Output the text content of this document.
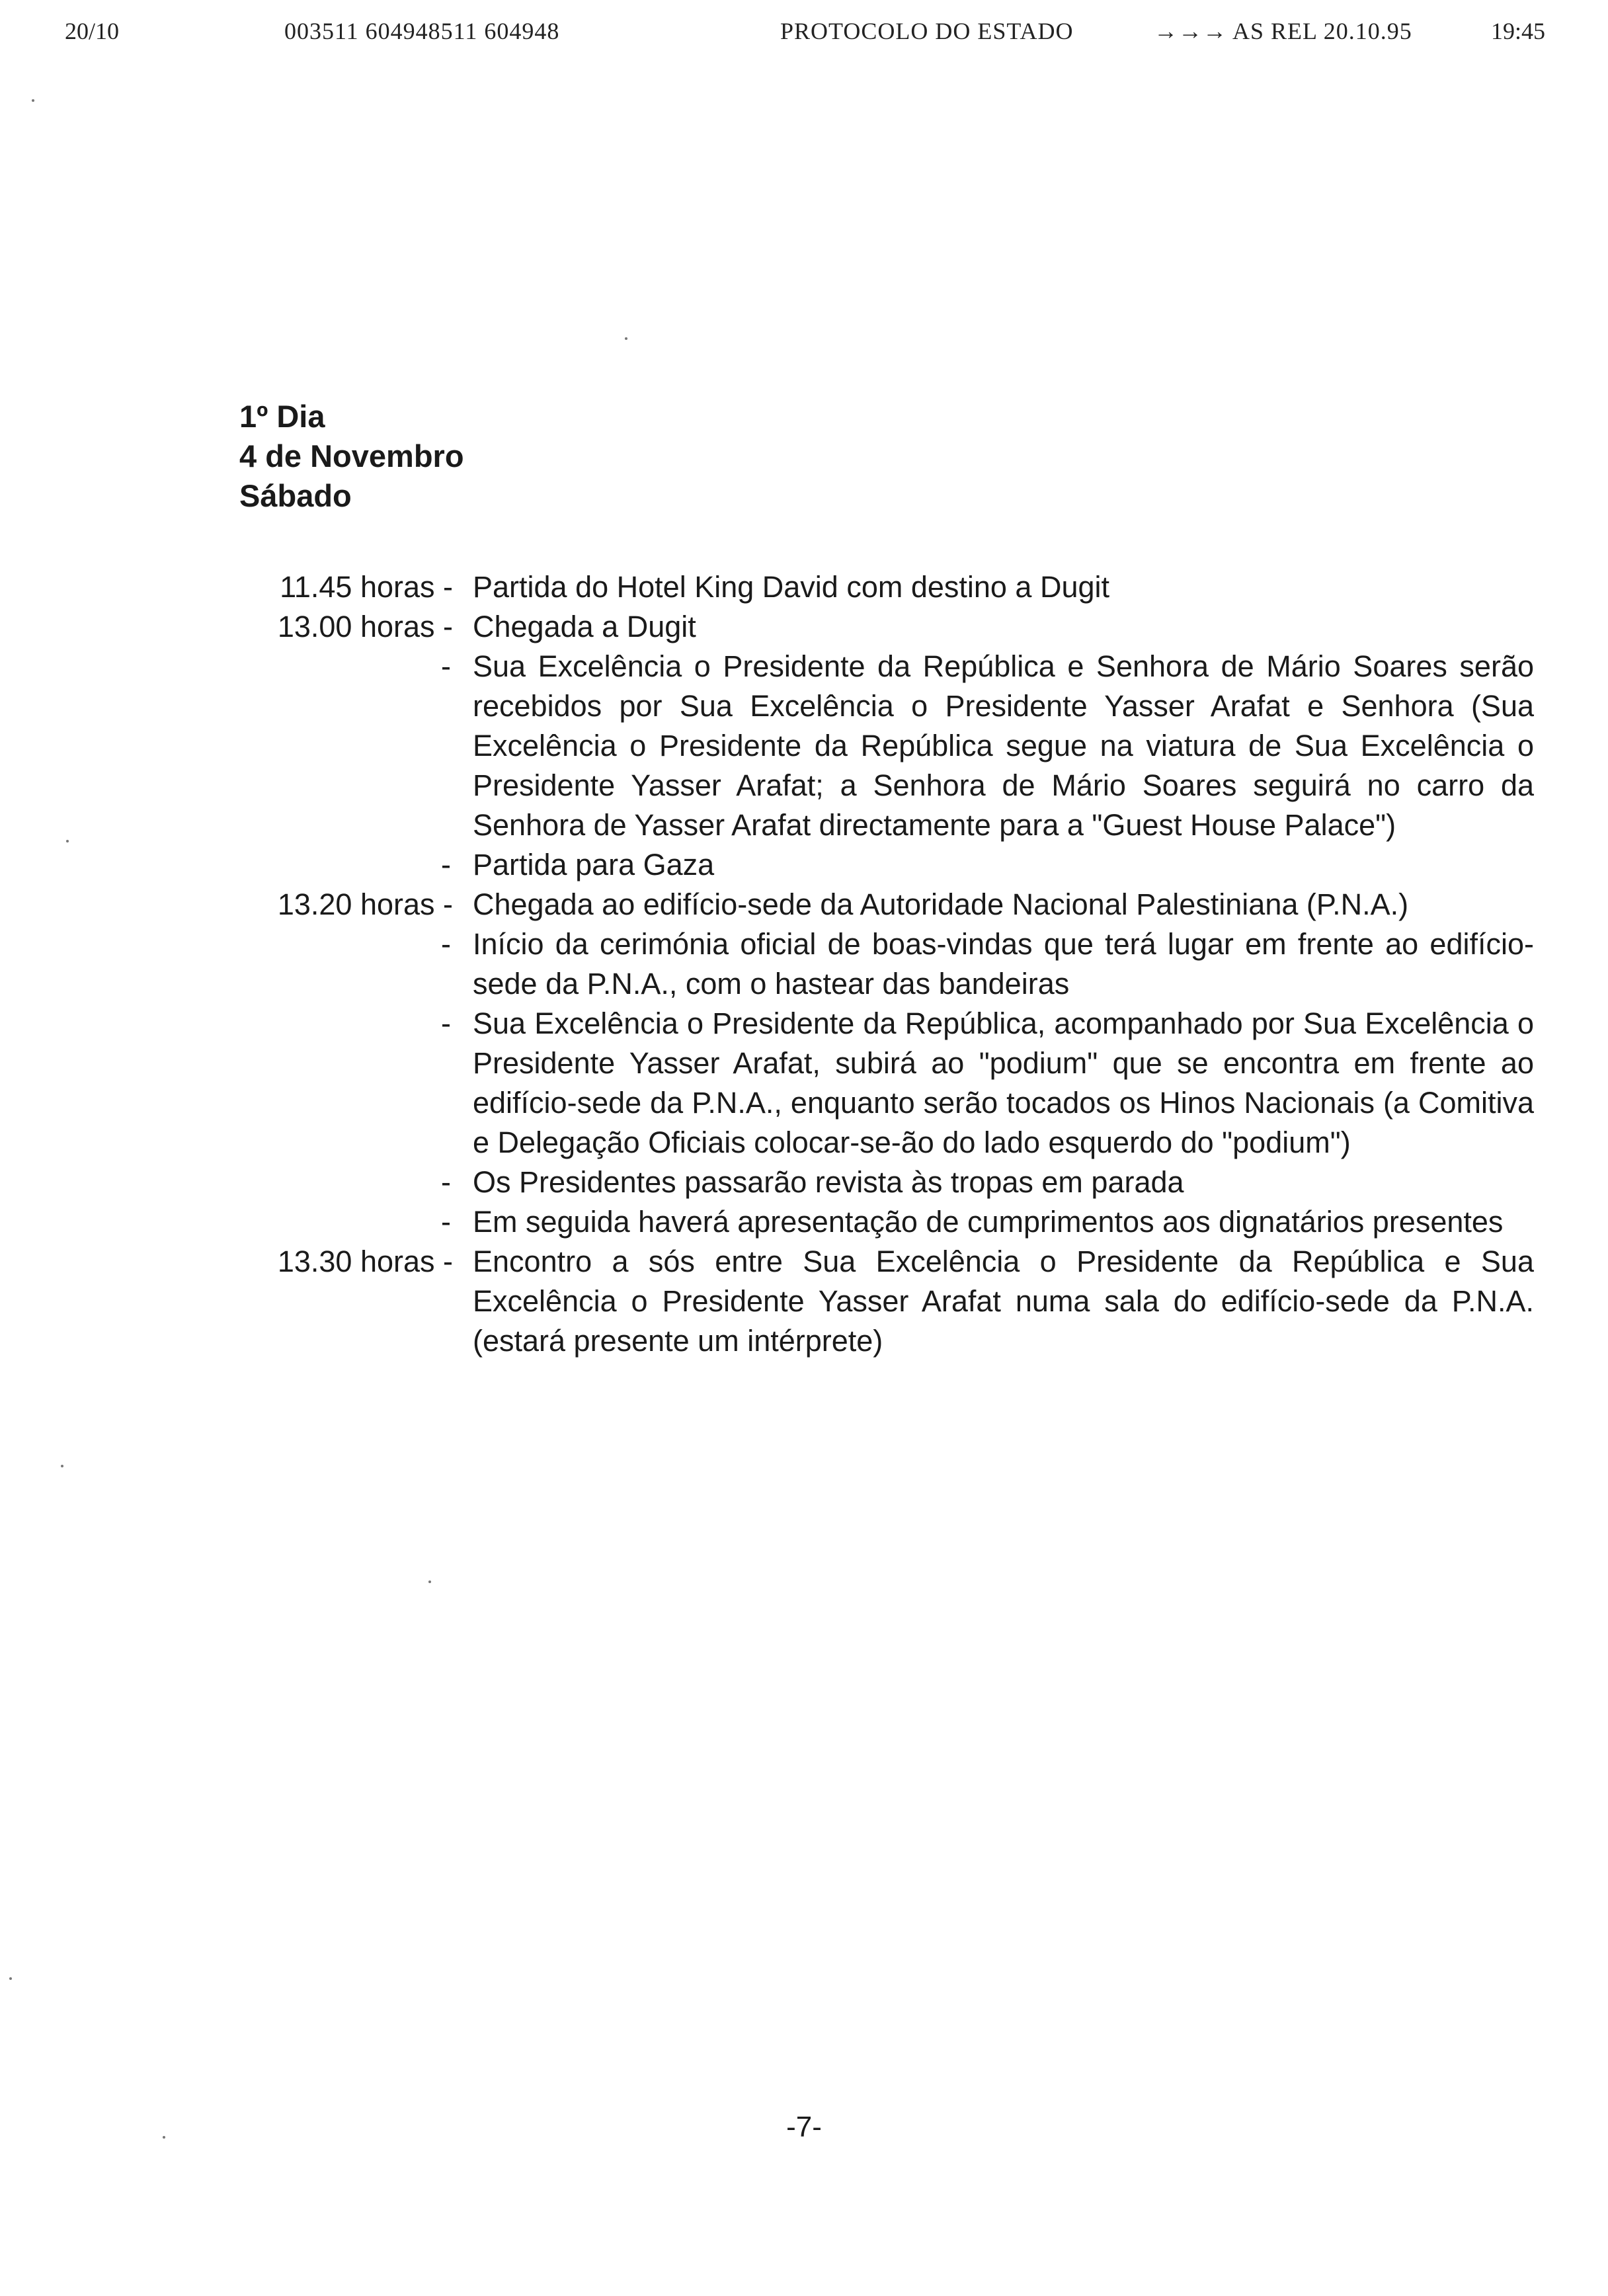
20/10	003511 604948511 604948	PROTOCOLO DO ESTADO	→→→ AS REL 20.10.95	19:45
1º Dia
4 de Novembro
Sábado
11.45 horas - Partida do Hotel King David com destino a Dugit
13.00 horas - Chegada a Dugit
- Sua Excelência o Presidente da República e Senhora de Mário Soares serão recebidos por Sua Excelência o Presidente Yasser Arafat e Senhora (Sua Excelência o Presidente da República segue na viatura de Sua Excelência o Presidente Yasser Arafat; a Senhora de Mário Soares seguirá no carro da Senhora de Yasser Arafat directamente para a "Guest House Palace")
- Partida para Gaza
13.20 horas - Chegada ao edifício-sede da Autoridade Nacional Palestiniana (P.N.A.)
- Início da cerimónia oficial de boas-vindas que terá lugar em frente ao edifício-sede da P.N.A., com o hastear das bandeiras
- Sua Excelência o Presidente da República, acompanhado por Sua Excelência o Presidente Yasser Arafat, subirá ao "podium" que se encontra em frente ao edifício-sede da P.N.A., enquanto serão tocados os Hinos Nacionais (a Comitiva e Delegação Oficiais colocar-se-ão do lado esquerdo do "podium")
- Os Presidentes passarão revista às tropas em parada
- Em seguida haverá apresentação de cumprimentos aos dignatários presentes
13.30 horas - Encontro a sós entre Sua Excelência o Presidente da República e Sua Excelência o Presidente Yasser Arafat numa sala do edifício-sede da P.N.A. (estará presente um intérprete)
-7-
